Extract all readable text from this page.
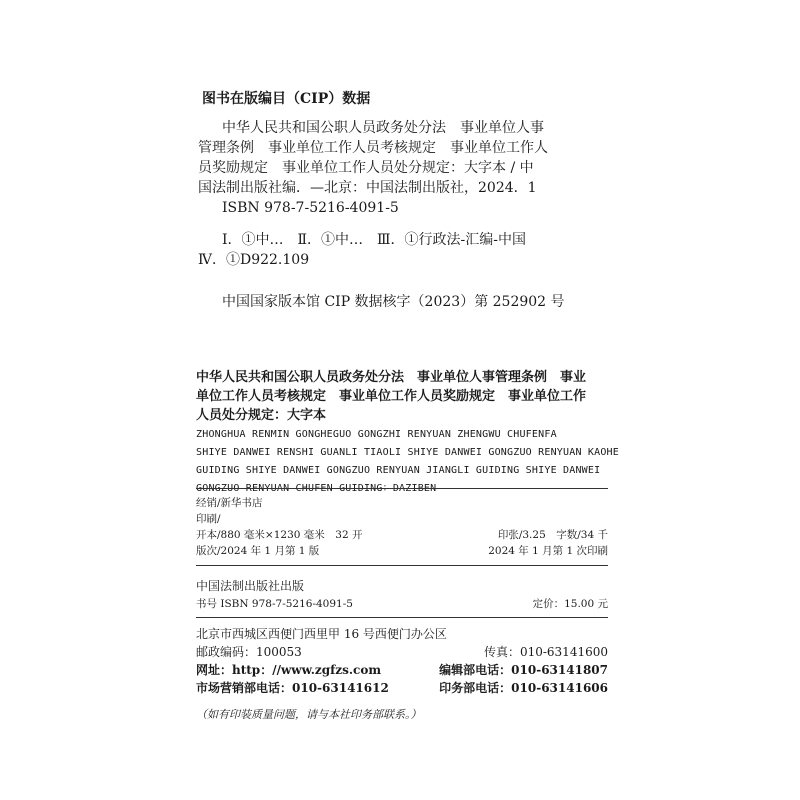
图书在版编目（CIP）数据

中华人民共和国公职人员政务处分法　事业单位人事

管理条例　事业单位工作人员考核规定　事业单位工作人

员奖励规定　事业单位工作人员处分规定：大字本 / 中

国法制出版社编．—北京：中国法制出版社，2024．1

ISBN 978-7-5216-4091-5

Ⅰ．①中…　Ⅱ．①中…　Ⅲ．①行政法-汇编-中国

Ⅳ．①D922.109

中国国家版本馆 CIP 数据核字（2023）第 252902 号

中华人民共和国公职人员政务处分法　事业单位人事管理条例　事业

单位工作人员考核规定　事业单位工作人员奖励规定　事业单位工作

人员处分规定：大字本

ZHONGHUA RENMIN GONGHEGUO GONGZHI RENYUAN ZHENGWU CHUFENFA

SHIYE DANWEI RENSHI GUANLI TIAOLI SHIYE DANWEI GONGZUO RENYUAN KAOHE

GUIDING SHIYE DANWEI GONGZUO RENYUAN JIANGLI GUIDING SHIYE DANWEI

GONGZUO RENYUAN CHUFEN GUIDING：DAZIBEN

经销/新华书店
印刷/
开本/880 毫米×1230 毫米　32 开	印张/3.25　字数/34 千
版次/2024 年 1 月第 1 版	2024 年 1 月第 1 次印刷
中国法制出版社出版
书号 ISBN 978-7-5216-4091-5	定价：15.00 元
北京市西城区西便门西里甲 16 号西便门办公区
邮政编码：100053	传真：010-63141600
网址：http：//www.zgfzs.com	编辑部电话：010-63141807
市场营销部电话：010-63141612	印务部电话：010-63141606
（如有印装质量问题，请与本社印务部联系。）
